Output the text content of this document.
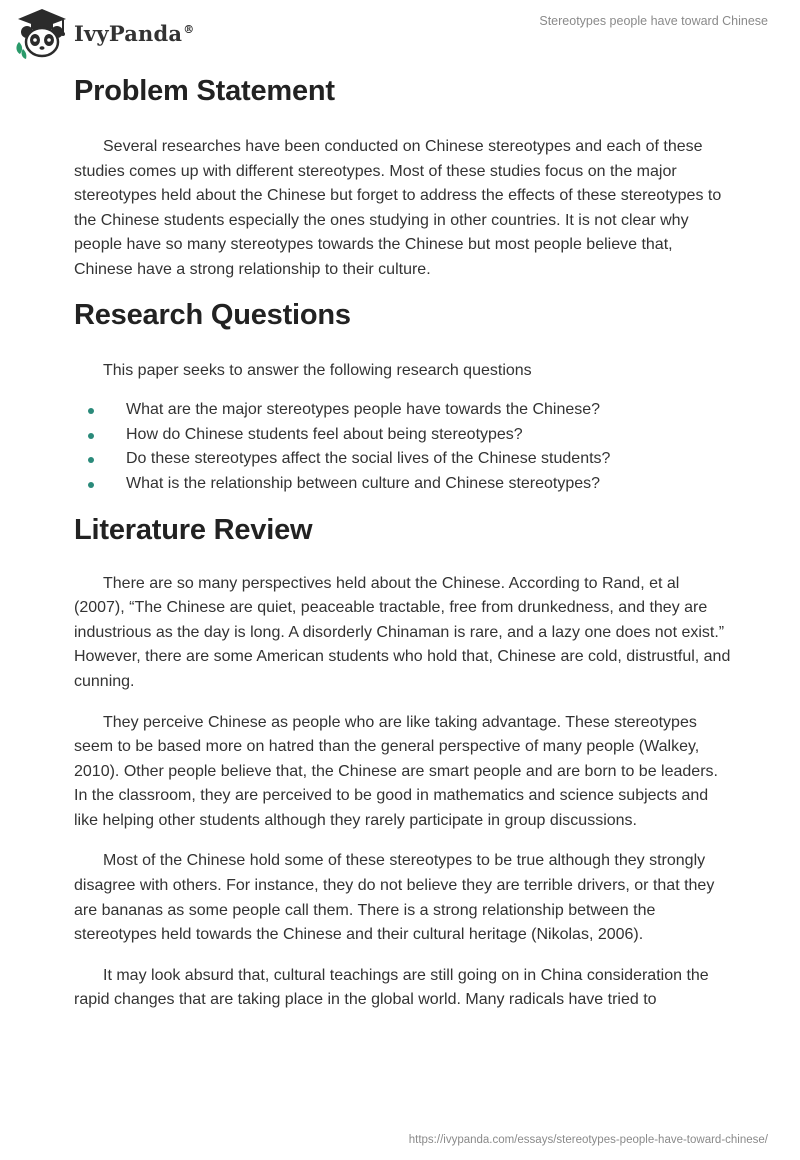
IvyPanda®
Stereotypes people have toward Chinese
Problem Statement

Several researches have been conducted on Chinese stereotypes and each of these studies comes up with different stereotypes. Most of these studies focus on the major stereotypes held about the Chinese but forget to address the effects of these stereotypes to the Chinese students especially the ones studying in other countries. It is not clear why people have so many stereotypes towards the Chinese but most people believe that, Chinese have a strong relationship to their culture.

Research Questions

This paper seeks to answer the following research questions

What are the major stereotypes people have towards the Chinese?
How do Chinese students feel about being stereotypes?
Do these stereotypes affect the social lives of the Chinese students?
What is the relationship between culture and Chinese stereotypes?
Literature Review

There are so many perspectives held about the Chinese. According to Rand, et al (2007), “The Chinese are quiet, peaceable tractable, free from drunkedness, and they are industrious as the day is long. A disorderly Chinaman is rare, and a lazy one does not exist.” However, there are some American students who hold that, Chinese are cold, distrustful, and cunning.

They perceive Chinese as people who are like taking advantage. These stereotypes seem to be based more on hatred than the general perspective of many people (Walkey, 2010). Other people believe that, the Chinese are smart people and are born to be leaders. In the classroom, they are perceived to be good in mathematics and science subjects and like helping other students although they rarely participate in group discussions.

Most of the Chinese hold some of these stereotypes to be true although they strongly disagree with others. For instance, they do not believe they are terrible drivers, or that they are bananas as some people call them. There is a strong relationship between the stereotypes held towards the Chinese and their cultural heritage (Nikolas, 2006).

It may look absurd that, cultural teachings are still going on in China consideration the rapid changes that are taking place in the global world. Many radicals have tried to

https://ivypanda.com/essays/stereotypes-people-have-toward-chinese/
